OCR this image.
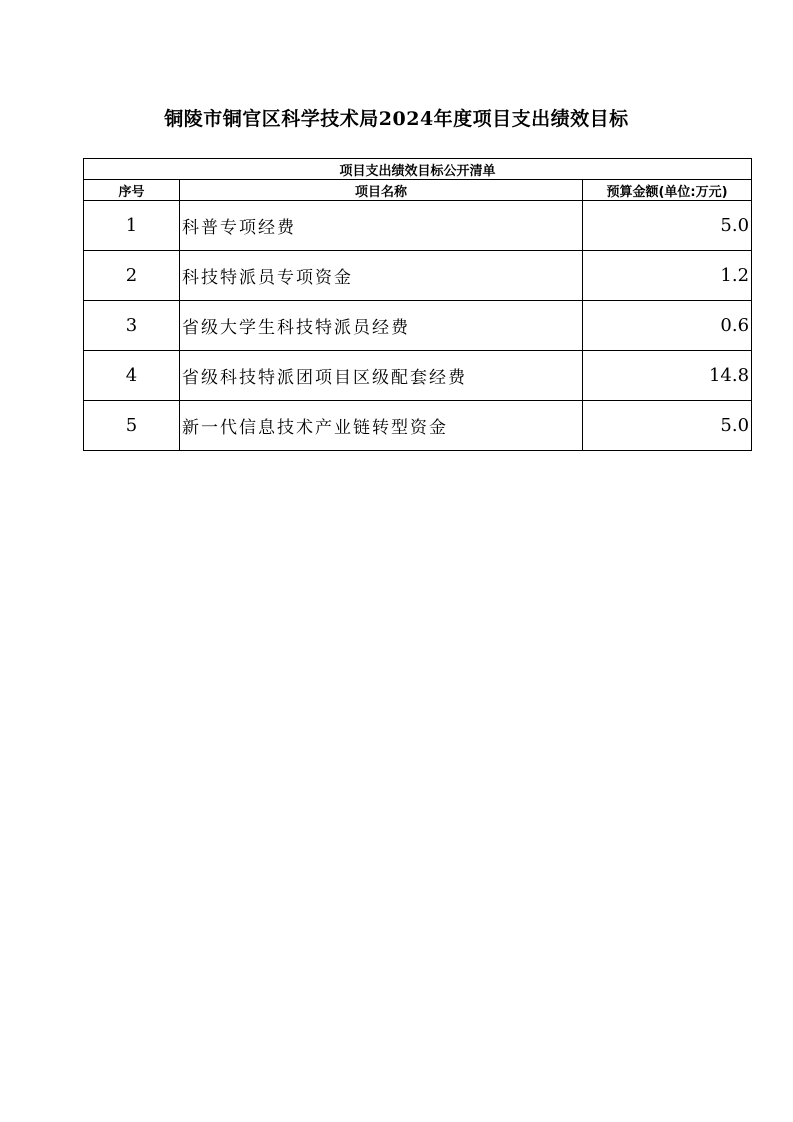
铜陵市铜官区科学技术局2024年度项目支出绩效目标
项目支出绩效目标公开清单		
序号	项目名称	预算金额(单位:万元)
1	科普专项经费	5.0
2	科技特派员专项资金	1.2
3	省级大学生科技特派员经费	0.6
4	省级科技特派团项目区级配套经费	14.8
5	新一代信息技术产业链转型资金	5.0
